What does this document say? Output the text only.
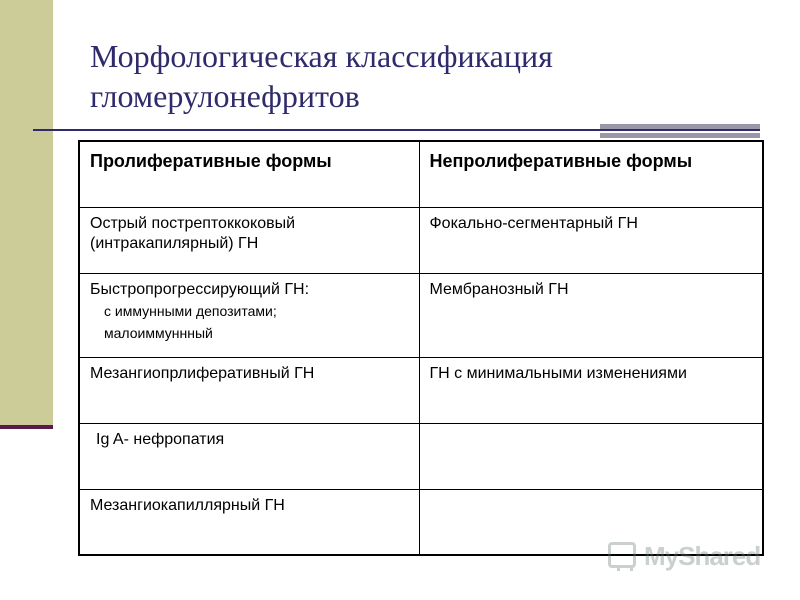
Морфологическая классификация гломерулонефритов
Пролиферативные формы	Непролиферативные формы
Острый пострептоккоковый (интракапилярный) ГН	Фокально-сегментарный ГН
Быстропрогрессирующий ГН:
с иммунными депозитами;
малоиммуннный	Мембранозный ГН
Мезангиопрлиферативный ГН	ГН с минимальными изменениями
Ig A- нефропатия	
Мезангиокапиллярный ГН	
MyShared
